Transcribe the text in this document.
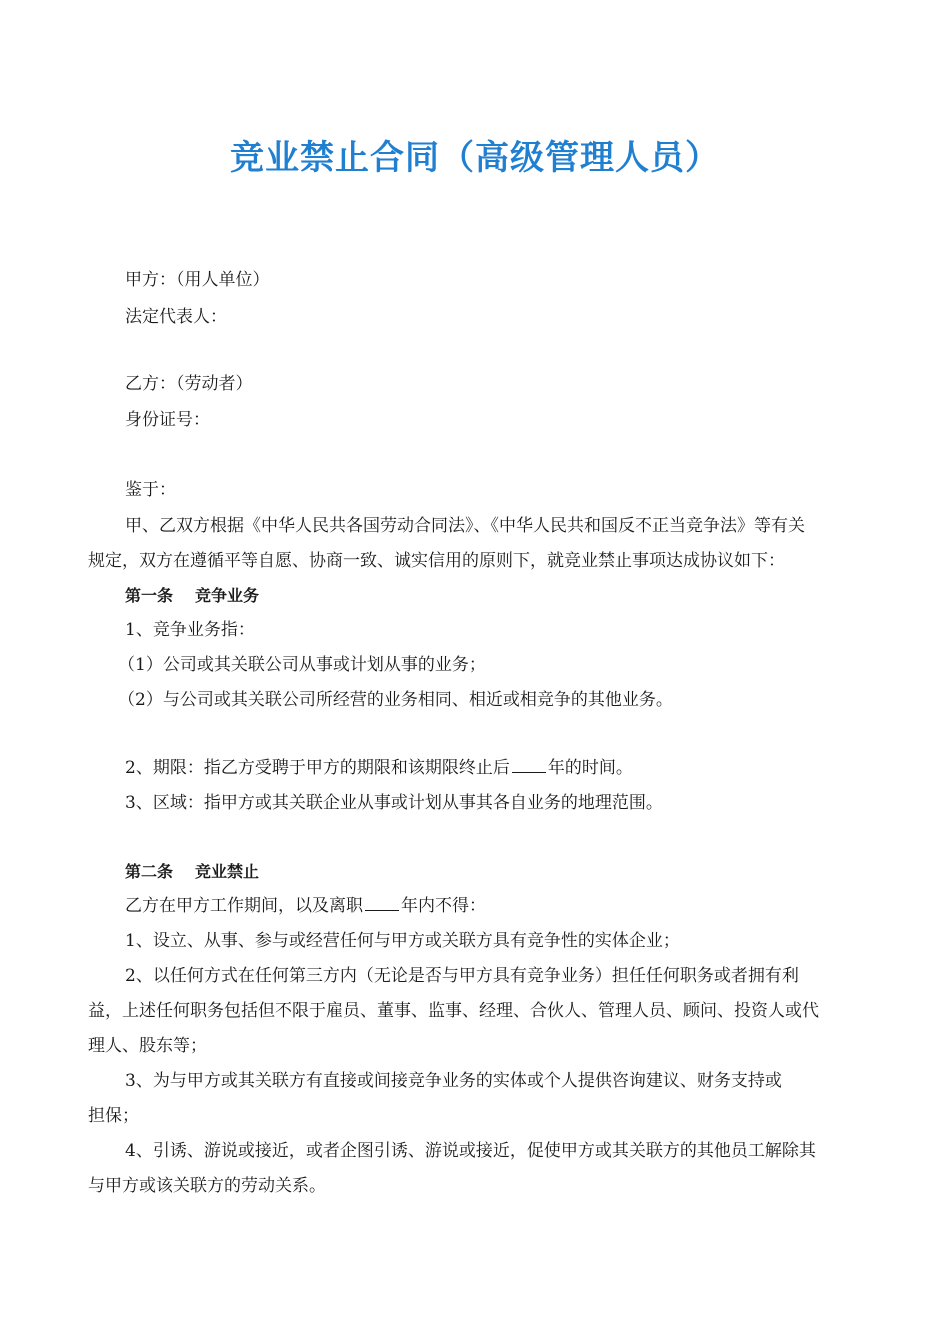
竞业禁止合同（高级管理人员）
甲方：（用人单位）
法定代表人：
乙方：（劳动者）
身份证号：
鉴于：
甲、乙双方根据《中华人民共各国劳动合同法》、《中华人民共和国反不正当竞争法》等有关
规定，双方在遵循平等自愿、协商一致、诚实信用的原则下，就竞业禁止事项达成协议如下：
第一条 竞争业务
1、竞争业务指：
（1）公司或其关联公司从事或计划从事的业务；
（2）与公司或其关联公司所经营的业务相同、相近或相竞争的其他业务。
2、期限：指乙方受聘于甲方的期限和该期限终止后 年的时间。
3、区域：指甲方或其关联企业从事或计划从事其各自业务的地理范围。
第二条 竞业禁止
乙方在甲方工作期间，以及离职 年内不得：
1、设立、从事、参与或经营任何与甲方或关联方具有竞争性的实体企业；
2、以任何方式在任何第三方内（无论是否与甲方具有竞争业务）担任任何职务或者拥有利
益，上述任何职务包括但不限于雇员、董事、监事、经理、合伙人、管理人员、顾问、投资人或代
理人、股东等；
3、为与甲方或其关联方有直接或间接竞争业务的实体或个人提供咨询建议、财务支持或
担保；
4、引诱、游说或接近，或者企图引诱、游说或接近，促使甲方或其关联方的其他员工解除其
与甲方或该关联方的劳动关系。
